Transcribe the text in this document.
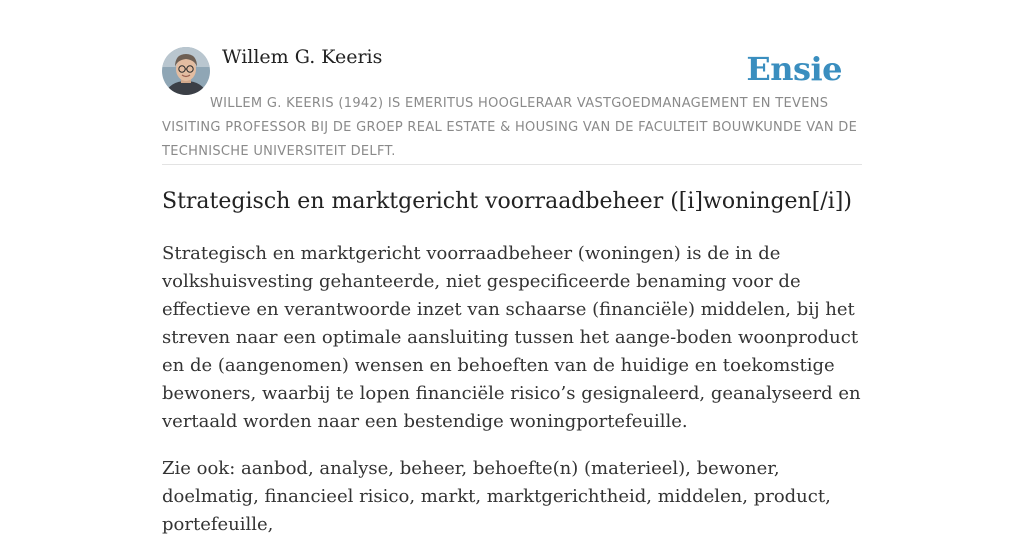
Willem G. Keeris	Ensie

WILLEM G. KEERIS (1942) IS EMERITUS HOOGLERAAR VASTGOEDMANAGEMENT EN TEVENS VISITING PROFESSOR BIJ DE GROEP REAL ESTATE & HOUSING VAN DE FACULTEIT BOUWKUNDE VAN DE TECHNISCHE UNIVERSITEIT DELFT.

Strategisch en marktgericht voorraadbeheer ([i]woningen[/i])

Strategisch en marktgericht voorraadbeheer (woningen) is de in de volkshuisvesting gehanteerde, niet gespecificeerde benaming voor de effectieve en verantwoorde inzet van schaarse (financiële) middelen, bij het streven naar een optimale aansluiting tussen het aange-boden woonproduct en de (aangenomen) wensen en behoeften van de huidige en toekomstige bewoners, waarbij te lopen financiële risico’s gesignaleerd, geanalyseerd en vertaald worden naar een bestendige woningportefeuille.

Zie ook: aanbod, analyse, beheer, behoefte(n) (materieel), bewoner, doelmatig, financieel risico, markt, marktgerichtheid, middelen, product, portefeuille,
